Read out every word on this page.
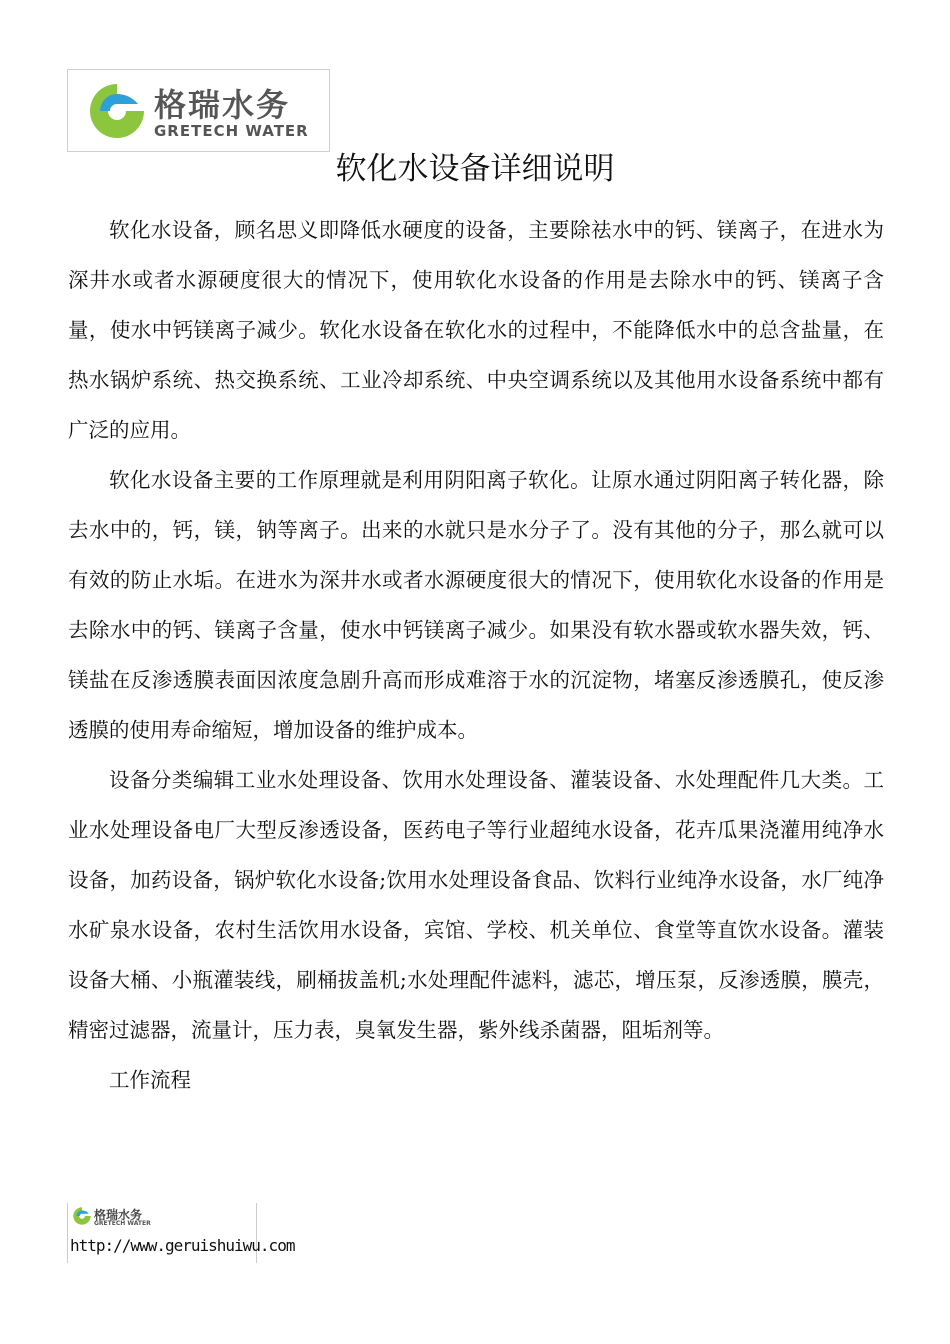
格瑞水务
GRETECH WATER
软化水设备详细说明

软化水设备，顾名思义即降低水硬度的设备，主要除祛水中的钙、镁离子，在进水为深井水或者水源硬度很大的情况下，使用软化水设备的作用是去除水中的钙、镁离子含量，使水中钙镁离子减少。软化水设备在软化水的过程中，不能降低水中的总含盐量，在热水锅炉系统、热交换系统、工业冷却系统、中央空调系统以及其他用水设备系统中都有广泛的应用。

软化水设备主要的工作原理就是利用阴阳离子软化。让原水通过阴阳离子转化器，除去水中的，钙，镁，钠等离子。出来的水就只是水分子了。没有其他的分子，那么就可以有效的防止水垢。在进水为深井水或者水源硬度很大的情况下，使用软化水设备的作用是去除水中的钙、镁离子含量，使水中钙镁离子减少。如果没有软水器或软水器失效，钙、镁盐在反渗透膜表面因浓度急剧升高而形成难溶于水的沉淀物，堵塞反渗透膜孔，使反渗透膜的使用寿命缩短，增加设备的维护成本。

设备分类编辑工业水处理设备、饮用水处理设备、灌装设备、水处理配件几大类。工业水处理设备电厂大型反渗透设备，医药电子等行业超纯水设备，花卉瓜果浇灌用纯净水设备，加药设备，锅炉软化水设备;饮用水处理设备食品、饮料行业纯净水设备，水厂纯净水矿泉水设备，农村生活饮用水设备，宾馆、学校、机关单位、食堂等直饮水设备。灌装设备大桶、小瓶灌装线，刷桶拔盖机;水处理配件滤料，滤芯，增压泵，反渗透膜，膜壳，精密过滤器，流量计，压力表，臭氧发生器，紫外线杀菌器，阻垢剂等。

工作流程

格瑞水务
GRETECH WATER
http://www.geruishuiwu.com
